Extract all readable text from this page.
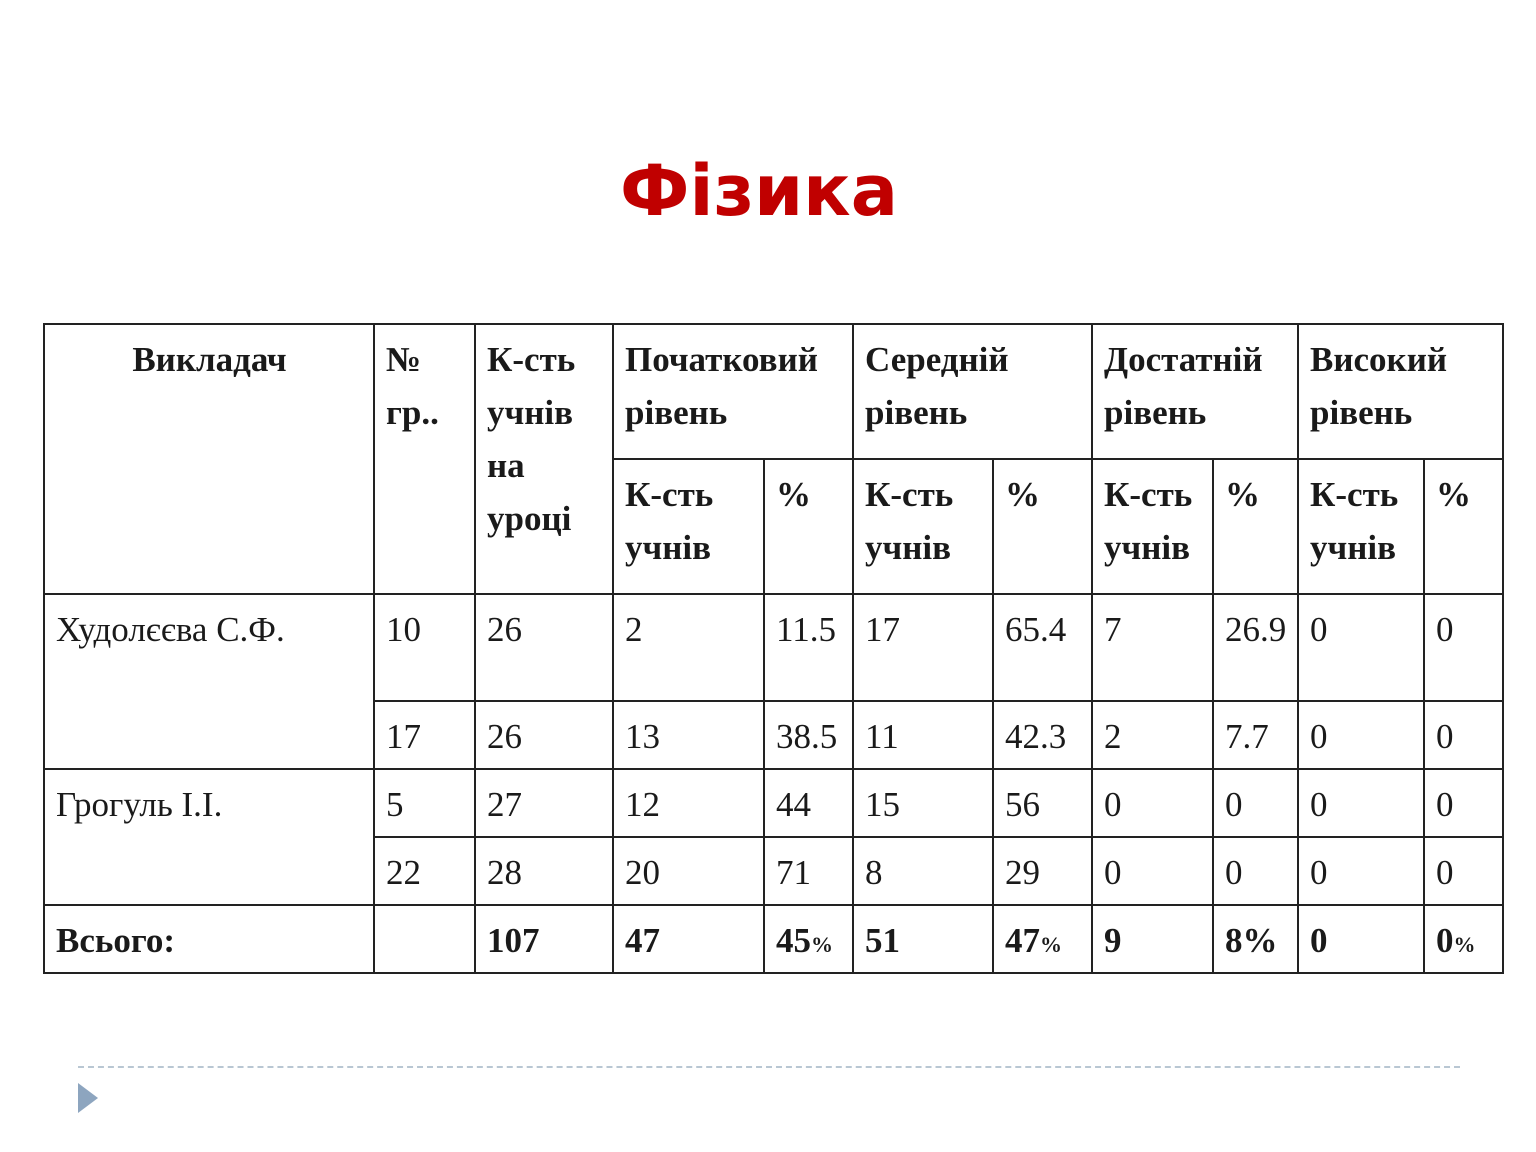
Фізика
Викладач	№ гр..	К-сть учнів на уроці	Початковий рівень		Середній рівень		Достатній рівень		Високий рівень	
			К-сть учнів	%	К-сть учнів	%	К-сть учнів	%	К-сть учнів	%
Худолєєва С.Ф.	10	26	2	11.5	17	65.4	7	26.9	0	0
	17	26	13	38.5	11	42.3	2	7.7	0	0
Грогуль І.І.	5	27	12	44	15	56	0	0	0	0
	22	28	20	71	8	29	0	0	0	0
Всього:		107	47	45%	51	47%	9	8%	0	0%
